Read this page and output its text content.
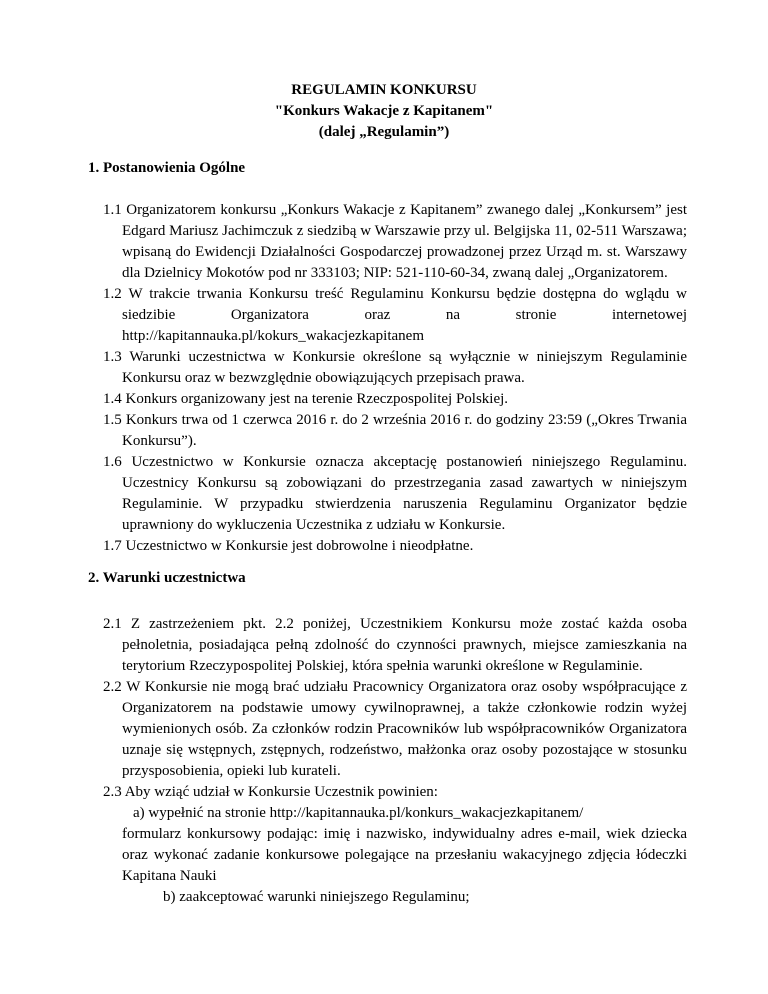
REGULAMIN KONKURSU
"Konkurs Wakacje z Kapitanem"
(dalej „Regulamin”)
1. Postanowienia Ogólne

1.1 Organizatorem konkursu „Konkurs Wakacje z Kapitanem” zwanego dalej „Konkursem” jest Edgard Mariusz Jachimczuk z siedzibą w Warszawie przy ul. Belgijska 11, 02-511 Warszawa; wpisaną do Ewidencji Działalności Gospodarczej prowadzonej przez Urząd m. st. Warszawy dla Dzielnicy Mokotów pod nr 333103; NIP: 521-110-60-34, zwaną dalej „Organizatorem.

1.2 W trakcie trwania Konkursu treść Regulaminu Konkursu będzie dostępna do wglądu w siedzibie Organizatora oraz na stronie internetowej

http://kapitannauka.pl/kokurs_wakacjezkapitanem

1.3 Warunki uczestnictwa w Konkursie określone są wyłącznie w niniejszym Regulaminie Konkursu oraz w bezwzględnie obowiązujących przepisach prawa.

1.4 Konkurs organizowany jest na terenie Rzeczpospolitej Polskiej.

1.5 Konkurs trwa od 1 czerwca 2016 r. do 2 września 2016 r. do godziny 23:59 („Okres Trwania Konkursu”).

1.6 Uczestnictwo w Konkursie oznacza akceptację postanowień niniejszego Regulaminu. Uczestnicy Konkursu są zobowiązani do przestrzegania zasad zawartych w niniejszym Regulaminie. W przypadku stwierdzenia naruszenia Regulaminu Organizator będzie uprawniony do wykluczenia Uczestnika z udziału w Konkursie.

1.7 Uczestnictwo w Konkursie jest dobrowolne i nieodpłatne.

2. Warunki uczestnictwa

2.1 Z zastrzeżeniem pkt. 2.2 poniżej, Uczestnikiem Konkursu może zostać każda osoba pełnoletnia, posiadająca pełną zdolność do czynności prawnych, miejsce zamieszkania na terytorium Rzeczypospolitej Polskiej, która spełnia warunki określone w Regulaminie.

2.2 W Konkursie nie mogą brać udziału Pracownicy Organizatora oraz osoby współpracujące z Organizatorem na podstawie umowy cywilnoprawnej, a także członkowie rodzin wyżej wymienionych osób. Za członków rodzin Pracowników lub współpracowników Organizatora uznaje się wstępnych, zstępnych, rodzeństwo, małżonka oraz osoby pozostające w stosunku przysposobienia, opieki lub kurateli.

2.3 Aby wziąć udział w Konkursie Uczestnik powinien:

a) wypełnić na stronie http://kapitannauka.pl/konkurs_wakacjezkapitanem/

formularz konkursowy podając: imię i nazwisko, indywidualny adres e-mail, wiek dziecka oraz wykonać zadanie konkursowe polegające na przesłaniu wakacyjnego zdjęcia łódeczki Kapitana Nauki

b) zaakceptować warunki niniejszego Regulaminu;
